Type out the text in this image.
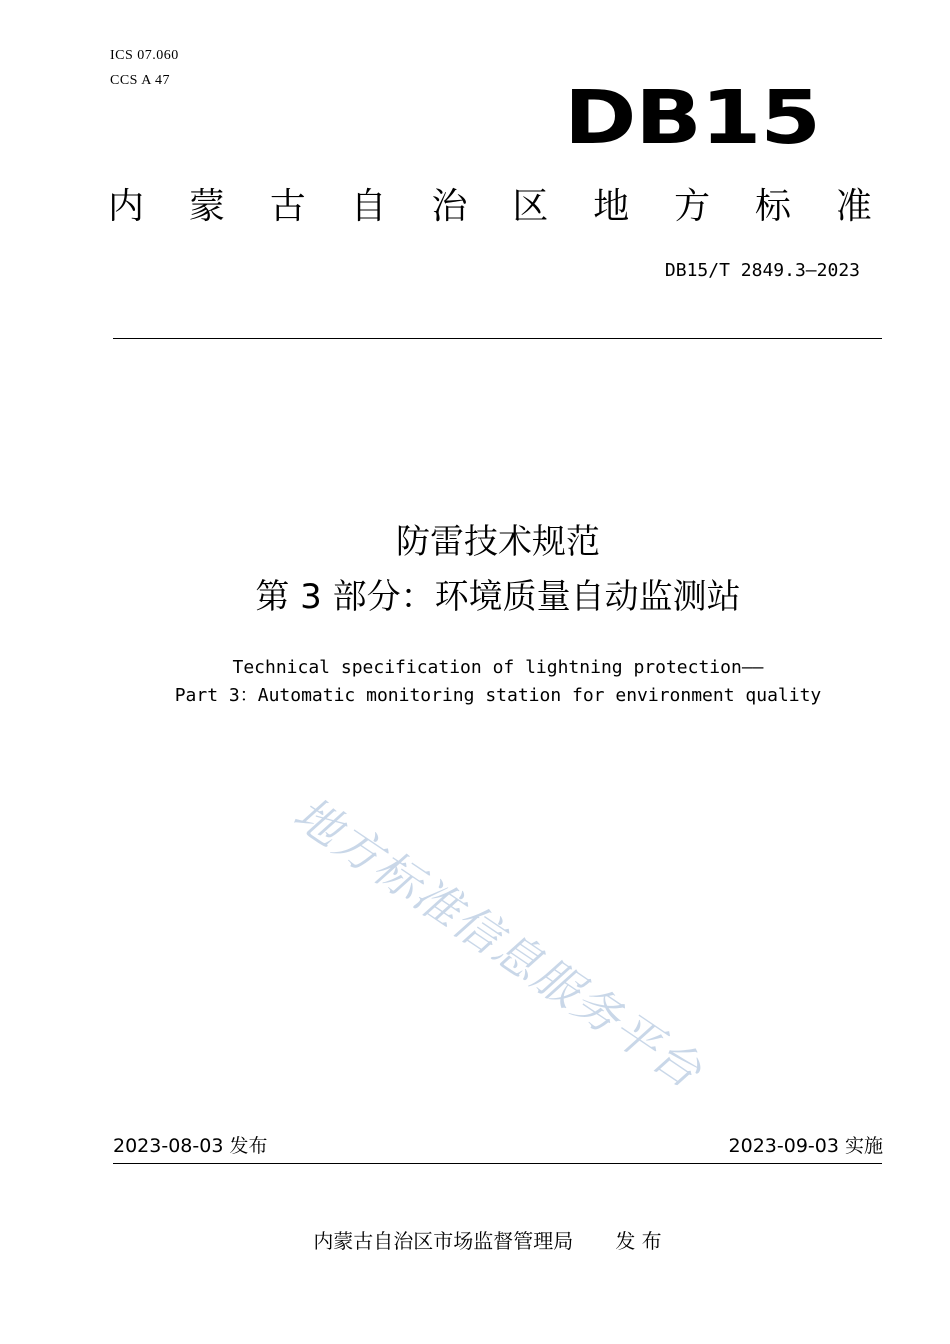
ICS 07.060
CCS A 47	DB15
内 蒙 古 自 治 区 地 方 标 准
DB15/T 2849.3—2023
防雷技术规范
第 3 部分：环境质量自动监测站
Technical specification of lightning protection——
Part 3：Automatic monitoring station for environment quality
地方标准信息服务平台
2023-08-03 发布	2023-09-03 实施
内蒙古自治区市场监督管理局 发 布
